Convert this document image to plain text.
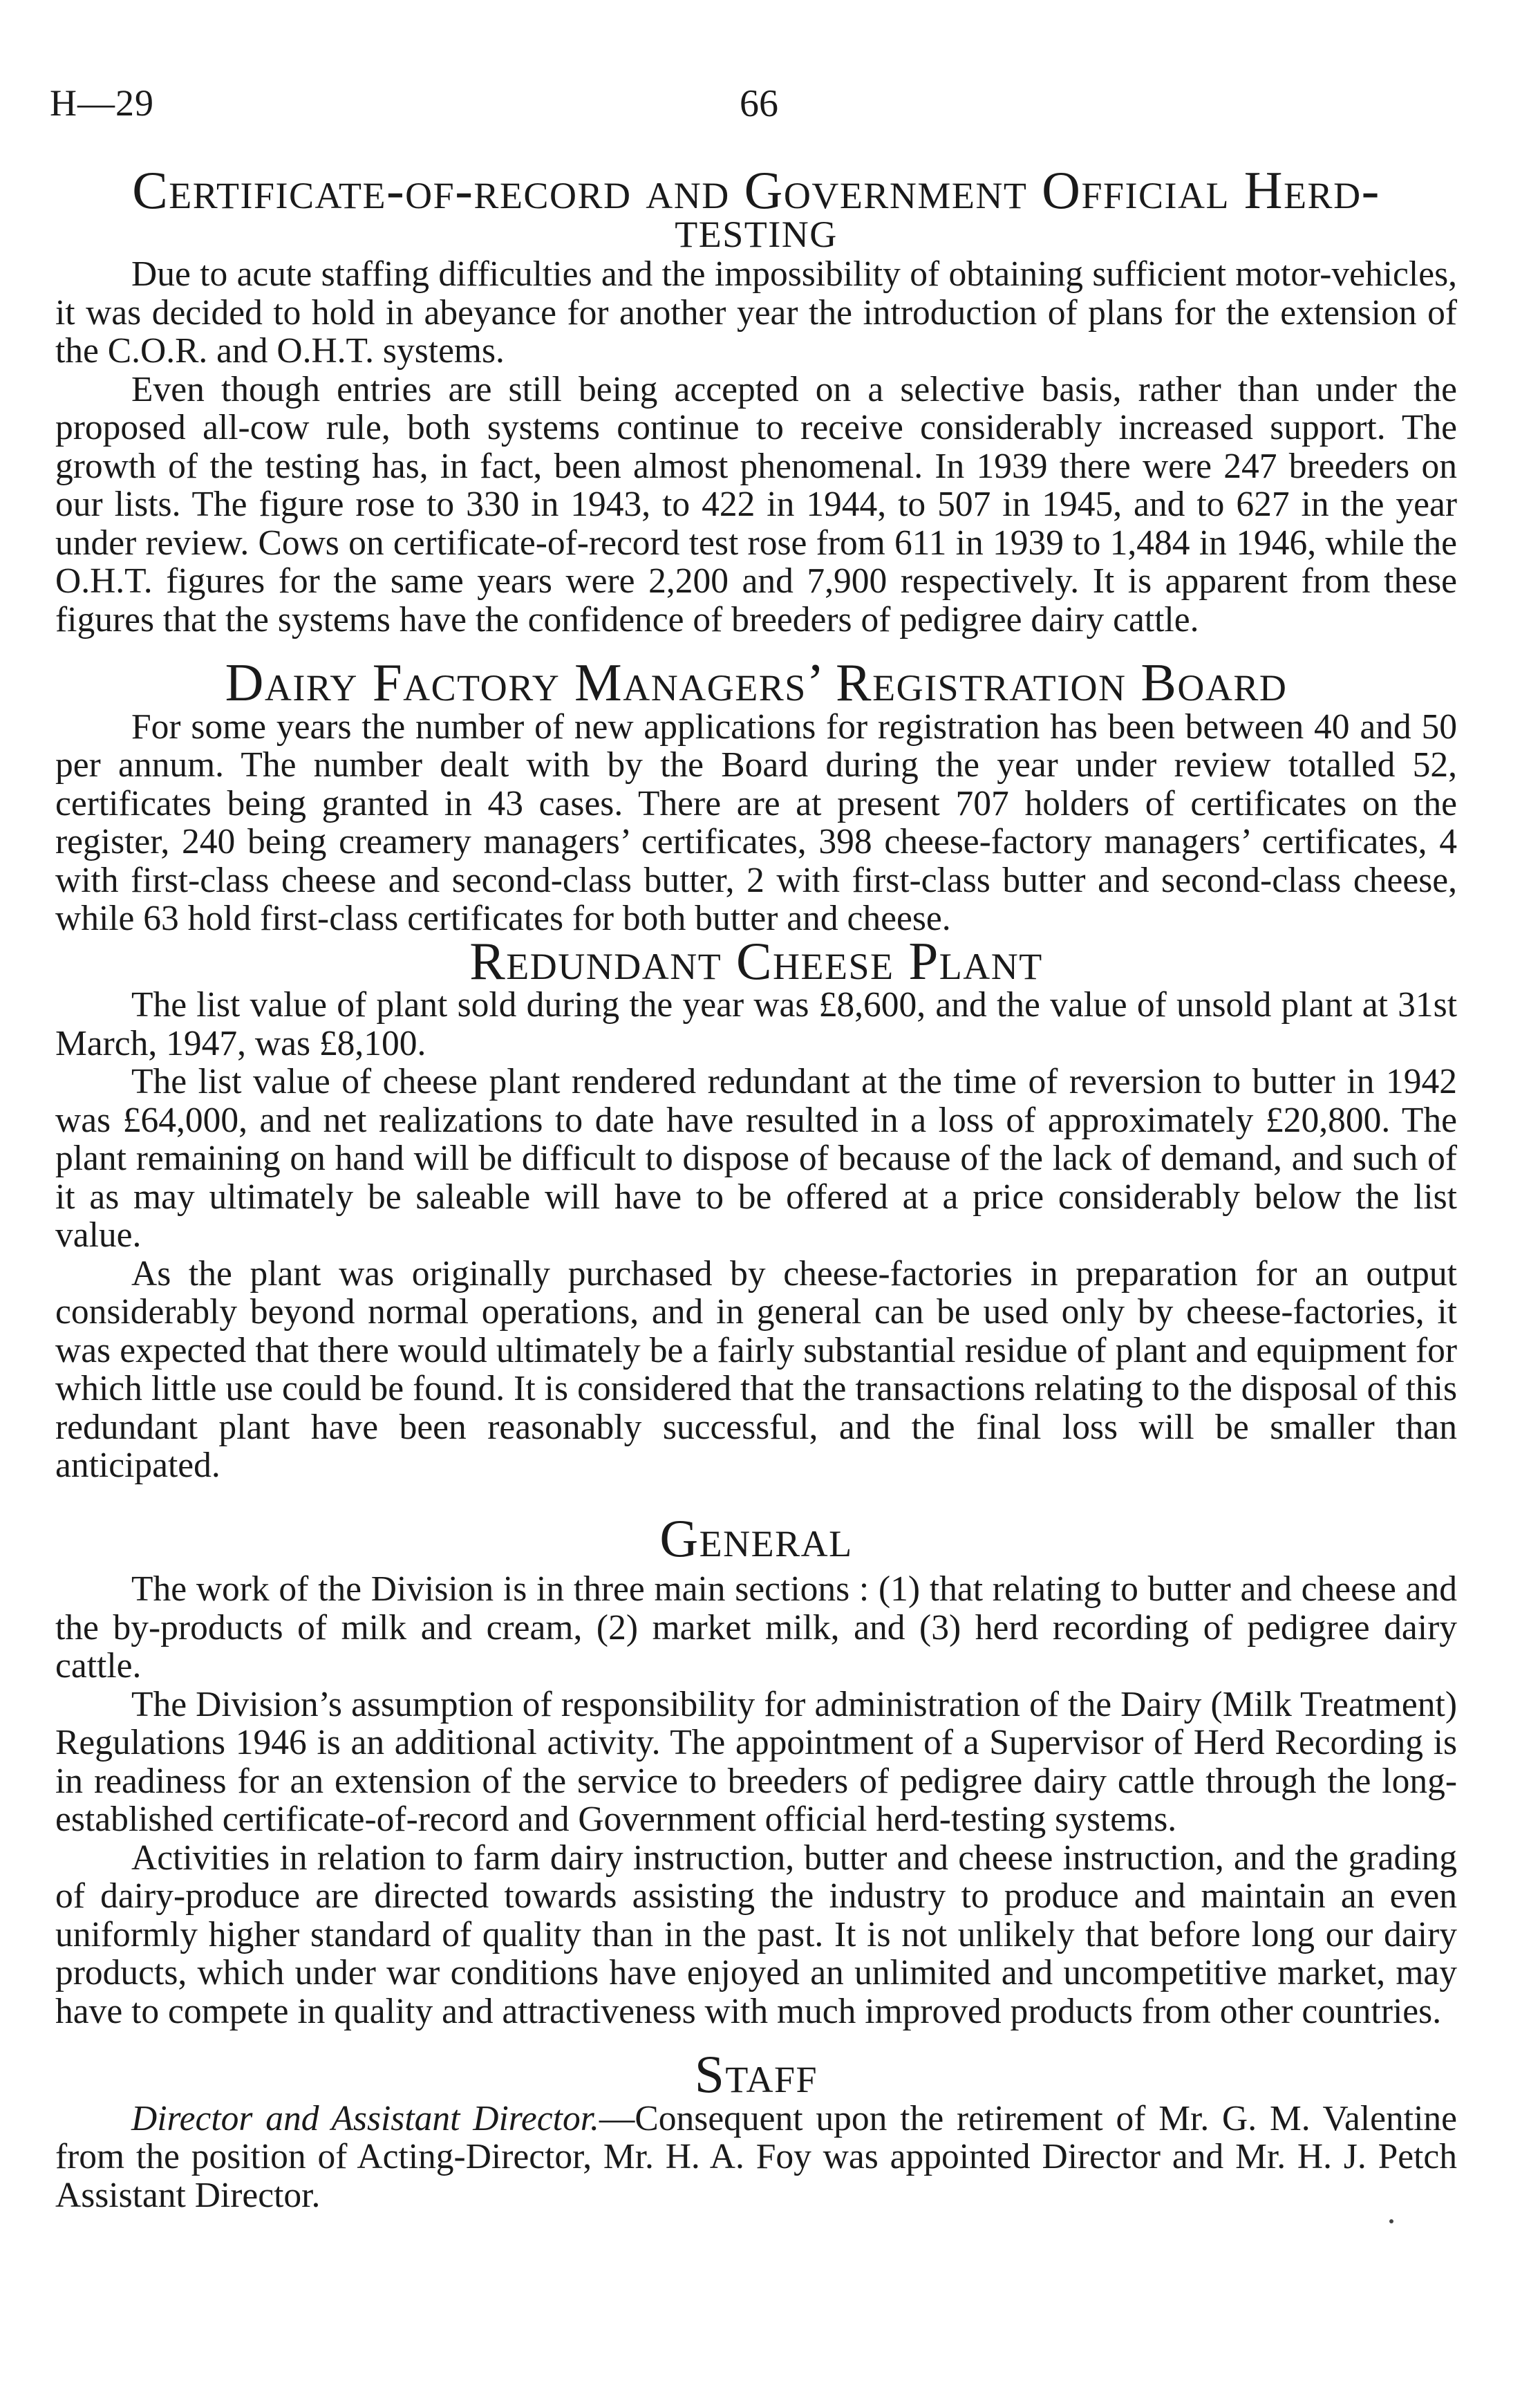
H—29	66
Certificate-of-record and Government Official Herd-testing

Due to acute staffing difficulties and the impossibility of obtaining sufficient motor-vehicles, it was decided to hold in abeyance for another year the introduction of plans for the extension of the C.O.R. and O.H.T. systems.

Even though entries are still being accepted on a selective basis, rather than under the proposed all-cow rule, both systems continue to receive considerably increased support. The growth of the testing has, in fact, been almost phenomenal. In 1939 there were 247 breeders on our lists. The figure rose to 330 in 1943, to 422 in 1944, to 507 in 1945, and to 627 in the year under review. Cows on certificate-of-record test rose from 611 in 1939 to 1,484 in 1946, while the O.H.T. figures for the same years were 2,200 and 7,900 respectively. It is apparent from these figures that the systems have the confidence of breeders of pedigree dairy cattle.

Dairy Factory Managers’ Registration Board

For some years the number of new applications for registration has been between 40 and 50 per annum. The number dealt with by the Board during the year under review totalled 52, certificates being granted in 43 cases. There are at present 707 holders of certificates on the register, 240 being creamery managers’ certificates, 398 cheese-factory managers’ certificates, 4 with first-class cheese and second-class butter, 2 with first-class butter and second-class cheese, while 63 hold first-class certificates for both butter and cheese.

Redundant Cheese Plant

The list value of plant sold during the year was £8,600, and the value of unsold plant at 31st March, 1947, was £8,100.

The list value of cheese plant rendered redundant at the time of reversion to butter in 1942 was £64,000, and net realizations to date have resulted in a loss of approximately £20,800. The plant remaining on hand will be difficult to dispose of because of the lack of demand, and such of it as may ultimately be saleable will have to be offered at a price considerably below the list value.

As the plant was originally purchased by cheese-factories in preparation for an output considerably beyond normal operations, and in general can be used only by cheese-factories, it was expected that there would ultimately be a fairly substantial residue of plant and equipment for which little use could be found. It is considered that the transactions relating to the disposal of this redundant plant have been reasonably successful, and the final loss will be smaller than anticipated.

General

The work of the Division is in three main sections : (1) that relating to butter and cheese and the by-products of milk and cream, (2) market milk, and (3) herd recording of pedigree dairy cattle.

The Division’s assumption of responsibility for administration of the Dairy (Milk Treatment) Regulations 1946 is an additional activity. The appointment of a Supervisor of Herd Recording is in readiness for an extension of the service to breeders of pedigree dairy cattle through the long-established certificate-of-record and Government official herd-testing systems.

Activities in relation to farm dairy instruction, butter and cheese instruction, and the grading of dairy-produce are directed towards assisting the industry to produce and maintain an even uniformly higher standard of quality than in the past. It is not unlikely that before long our dairy products, which under war conditions have enjoyed an unlimited and uncompetitive market, may have to compete in quality and attractiveness with much improved products from other countries.

Staff

Director and Assistant Director.—Consequent upon the retirement of Mr. G. M. Valentine from the position of Acting-Director, Mr. H. A. Foy was appointed Director and Mr. H. J. Petch Assistant Director.
